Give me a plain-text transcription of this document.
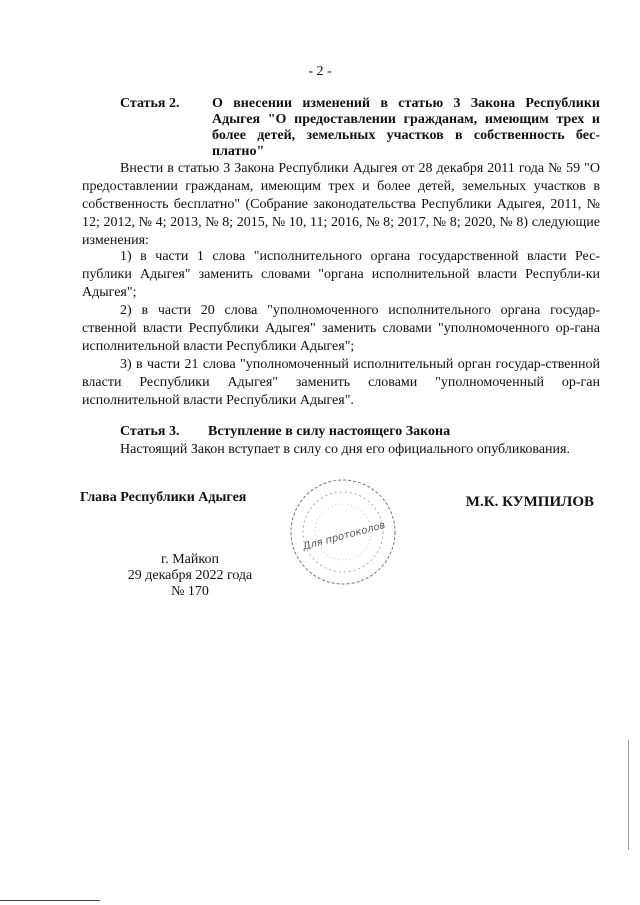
- 2 -
Статья 2. О внесении изменений в статью 3 Закона Республики Адыгея "О предоставлении гражданам, имеющим трех и более детей, земельных участков в собственность бес-платно"

Внести в статью 3 Закона Республики Адыгея от 28 декабря 2011 года № 59 "О предоставлении гражданам, имеющим трех и более детей, земельных участков в собственность бесплатно" (Собрание законодательства Республики Адыгея, 2011, № 12; 2012, № 4; 2013, № 8; 2015, № 10, 11; 2016, № 8; 2017, № 8; 2020, № 8) следующие изменения:

1) в части 1 слова "исполнительного органа государственной власти Рес-публики Адыгея" заменить словами "органа исполнительной власти Республи-ки Адыгея";

2) в части 20 слова "уполномоченного исполнительного органа государ-ственной власти Республики Адыгея" заменить словами "уполномоченного ор-гана исполнительной власти Республики Адыгея";

3) в части 21 слова "уполномоченный исполнительный орган государ-ственной власти Республики Адыгея" заменить словами "уполномоченный ор-ган исполнительной власти Республики Адыгея".

Статья 3. Вступление в силу настоящего Закона

Настоящий Закон вступает в силу со дня его официального опубликования.

Глава Республики Адыгея	М.К. КУМПИЛОВ
Для протоколов
г. Майкоп
29 декабря 2022 года
№ 170
